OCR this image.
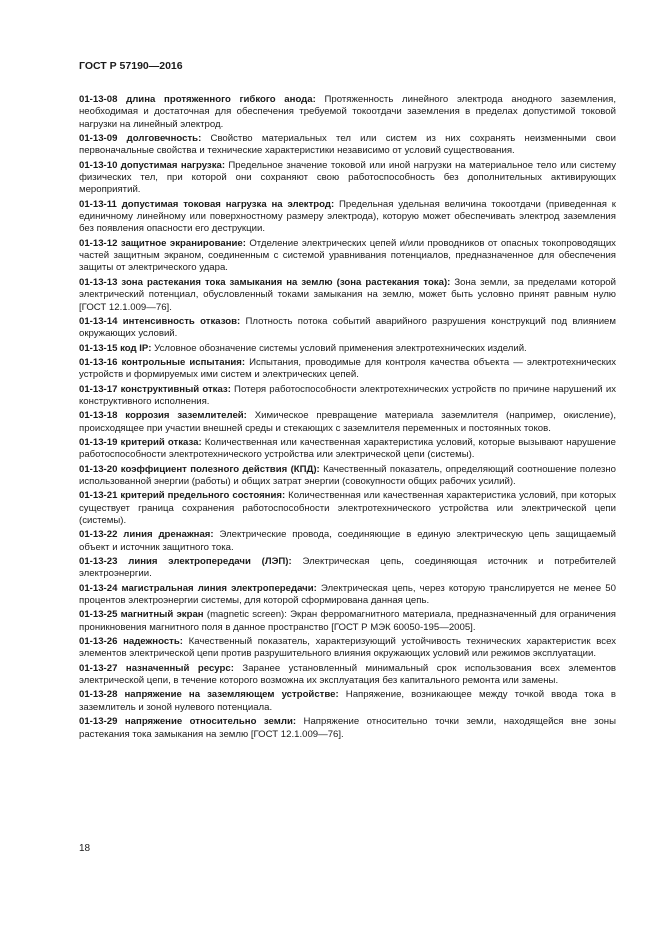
ГОСТ Р 57190—2016

01-13-08 длина протяженного гибкого анода: Протяженность линейного электрода анодного заземления, необходимая и достаточная для обеспечения требуемой токоотдачи заземления в пределах допустимой токовой нагрузки на линейный электрод.

01-13-09 долговечность: Свойство материальных тел или систем из них сохранять неизменными свои первоначальные свойства и технические характеристики независимо от условий существования.

01-13-10 допустимая нагрузка: Предельное значение токовой или иной нагрузки на материальное тело или систему физических тел, при которой они сохраняют свою работоспособность без дополнительных активирующих мероприятий.

01-13-11 допустимая токовая нагрузка на электрод: Предельная удельная величина токоотдачи (приведенная к единичному линейному или поверхностному размеру электрода), которую может обеспечивать электрод заземления без появления опасности его деструкции.

01-13-12 защитное экранирование: Отделение электрических цепей и/или проводников от опасных токопроводящих частей защитным экраном, соединенным с системой уравнивания потенциалов, предназначенное для обеспечения защиты от электрического удара.

01-13-13 зона растекания тока замыкания на землю (зона растекания тока): Зона земли, за пределами которой электрический потенциал, обусловленный токами замыкания на землю, может быть условно принят равным нулю [ГОСТ 12.1.009—76].

01-13-14 интенсивность отказов: Плотность потока событий аварийного разрушения конструкций под влиянием окружающих условий.

01-13-15 код IP: Условное обозначение системы условий применения электротехнических изделий.

01-13-16 контрольные испытания: Испытания, проводимые для контроля качества объекта — электротехнических устройств и формируемых ими систем и электрических цепей.

01-13-17 конструктивный отказ: Потеря работоспособности электротехнических устройств по причине нарушений их конструктивного исполнения.

01-13-18 коррозия заземлителей: Химическое превращение материала заземлителя (например, окисление), происходящее при участии внешней среды и стекающих с заземлителя переменных и постоянных токов.

01-13-19 критерий отказа: Количественная или качественная характеристика условий, которые вызывают нарушение работоспособности электротехнического устройства или электрической цепи (системы).

01-13-20 коэффициент полезного действия (КПД): Качественный показатель, определяющий соотношение полезно использованной энергии (работы) и общих затрат энергии (совокупности общих рабочих усилий).

01-13-21 критерий предельного состояния: Количественная или качественная характеристика условий, при которых существует граница сохранения работоспособности электротехнического устройства или электрической цепи (системы).

01-13-22 линия дренажная: Электрические провода, соединяющие в единую электрическую цепь защищаемый объект и источник защитного тока.

01-13-23 линия электропередачи (ЛЭП): Электрическая цепь, соединяющая источник и потребителей электроэнергии.

01-13-24 магистральная линия электропередачи: Электрическая цепь, через которую транслируется не менее 50 процентов электроэнергии системы, для которой сформирована данная цепь.

01-13-25 магнитный экран (magnetic screen): Экран ферромагнитного материала, предназначенный для ограничения проникновения магнитного поля в данное пространство [ГОСТ Р МЭК 60050-195—2005].

01-13-26 надежность: Качественный показатель, характеризующий устойчивость технических характеристик всех элементов электрической цепи против разрушительного влияния окружающих условий или режимов эксплуатации.

01-13-27 назначенный ресурс: Заранее установленный минимальный срок использования всех элементов электрической цепи, в течение которого возможна их эксплуатация без капитального ремонта или замены.

01-13-28 напряжение на заземляющем устройстве: Напряжение, возникающее между точкой ввода тока в заземлитель и зоной нулевого потенциала.

01-13-29 напряжение относительно земли: Напряжение относительно точки земли, находящейся вне зоны растекания тока замыкания на землю [ГОСТ 12.1.009—76].

18
